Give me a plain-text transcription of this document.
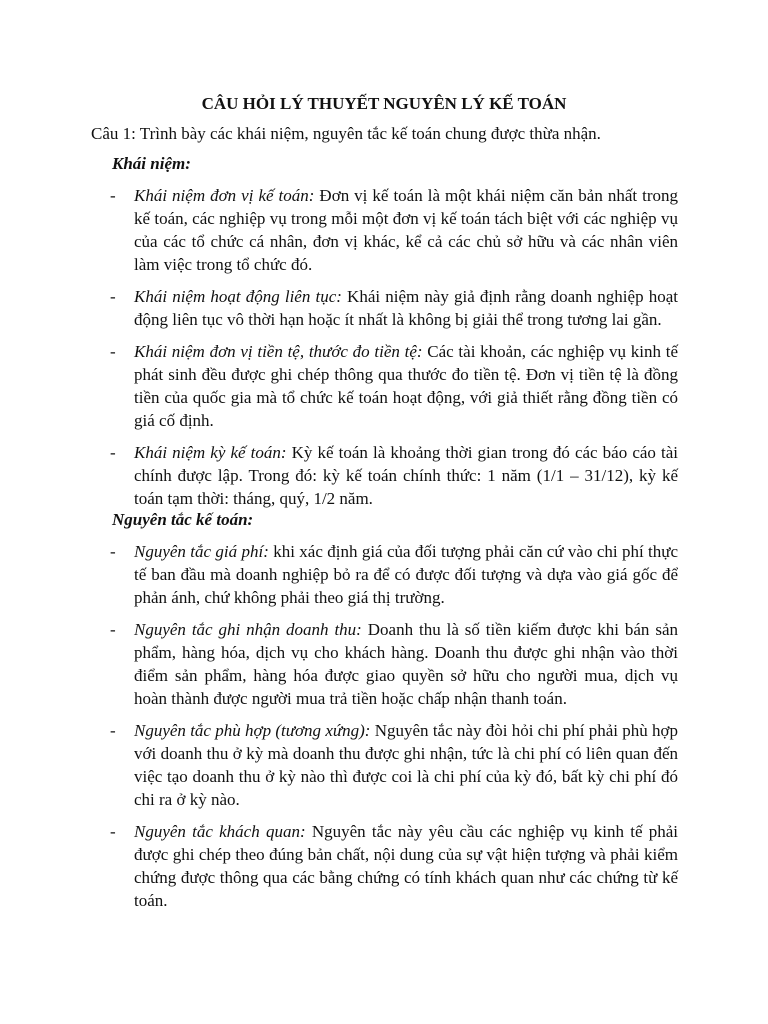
CÂU HỎI LÝ THUYẾT NGUYÊN LÝ KẾ TOÁN

Câu 1: Trình bày các khái niệm, nguyên tắc kế toán chung được thừa nhận.

Khái niệm:
- Khái niệm đơn vị kế toán: Đơn vị kế toán là một khái niệm căn bản nhất trong kế toán, các nghiệp vụ trong mỗi một đơn vị kế toán tách biệt với các nghiệp vụ của các tổ chức cá nhân, đơn vị khác, kể cả các chủ sở hữu và các nhân viên làm việc trong tổ chức đó.
- Khái niệm hoạt động liên tục: Khái niệm này giả định rằng doanh nghiệp hoạt động liên tục vô thời hạn hoặc ít nhất là không bị giải thể trong tương lai gần.
- Khái niệm đơn vị tiền tệ, thước đo tiền tệ: Các tài khoản, các nghiệp vụ kinh tế phát sinh đều được ghi chép thông qua thước đo tiền tệ. Đơn vị tiền tệ là đồng tiền của quốc gia mà tổ chức kế toán hoạt động, với giả thiết rằng đồng tiền có giá cố định.
- Khái niệm kỳ kế toán: Kỳ kế toán là khoảng thời gian trong đó các báo cáo tài chính được lập. Trong đó: kỳ kế toán chính thức: 1 năm (1/1 – 31/12), kỳ kế toán tạm thời: tháng, quý, 1/2 năm.
Nguyên tắc kế toán:
- Nguyên tắc giá phí: khi xác định giá của đối tượng phải căn cứ vào chi phí thực tế ban đầu mà doanh nghiệp bỏ ra để có được đối tượng và dựa vào giá gốc để phản ánh, chứ không phải theo giá thị trường.
- Nguyên tắc ghi nhận doanh thu: Doanh thu là số tiền kiếm được khi bán sản phẩm, hàng hóa, dịch vụ cho khách hàng. Doanh thu được ghi nhận vào thời điểm sản phẩm, hàng hóa được giao quyền sở hữu cho người mua, dịch vụ hoàn thành được người mua trả tiền hoặc chấp nhận thanh toán.
- Nguyên tắc phù hợp (tương xứng): Nguyên tắc này đòi hỏi chi phí phải phù hợp với doanh thu ở kỳ mà doanh thu được ghi nhận, tức là chi phí có liên quan đến việc tạo doanh thu ở kỳ nào thì được coi là chi phí của kỳ đó, bất kỳ chi phí đó chi ra ở kỳ nào.
- Nguyên tắc khách quan: Nguyên tắc này yêu cầu các nghiệp vụ kinh tế phải được ghi chép theo đúng bản chất, nội dung của sự vật hiện tượng và phải kiểm chứng được thông qua các bằng chứng có tính khách quan như các chứng từ kế toán.
